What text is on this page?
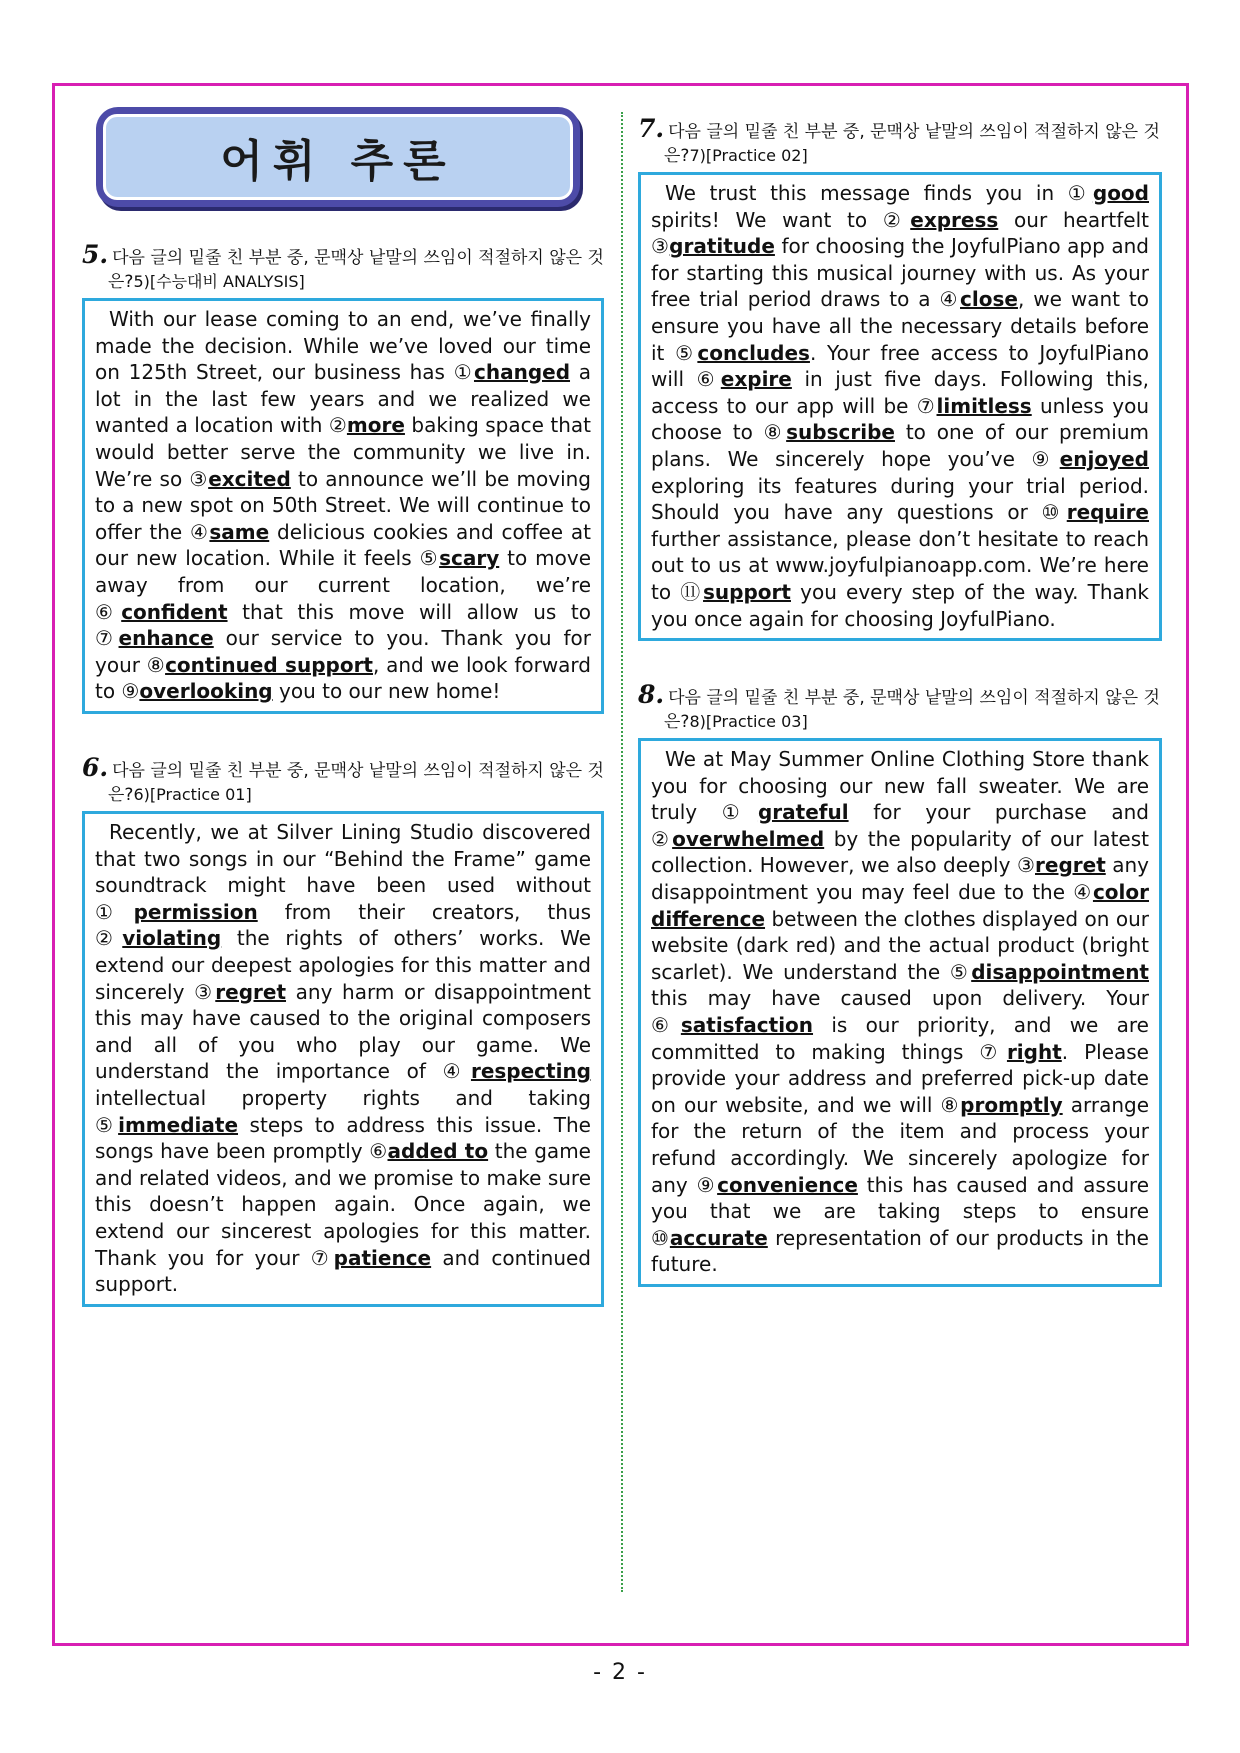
어휘 추론
5. 다음 글의 밑줄 친 부분 중, 문맥상 낱말의 쓰임이 적절하지 않은 것은?5)[수능대비 ANALYSIS]
With our lease coming to an end, we’ve finally made the decision. While we’ve loved our time on 125th Street, our business has ①changed a lot in the last few years and we realized we wanted a location with ②more baking space that would better serve the community we live in. We’re so ③excited to announce we’ll be moving to a new spot on 50th Street. We will continue to offer the ④same delicious cookies and coffee at our new location. While it feels ⑤scary to move away from our current location, we’re ⑥confident that this move will allow us to ⑦enhance our service to you. Thank you for your ⑧continued support, and we look forward to ⑨overlooking you to our new home!
6. 다음 글의 밑줄 친 부분 중, 문맥상 낱말의 쓰임이 적절하지 않은 것은?6)[Practice 01]
Recently, we at Silver Lining Studio discovered that two songs in our “Behind the Frame” game soundtrack might have been used without ①permission from their creators, thus ②violating the rights of others’ works. We extend our deepest apologies for this matter and sincerely ③regret any harm or disappointment this may have caused to the original composers and all of you who play our game. We understand the importance of ④respecting intellectual property rights and taking ⑤immediate steps to address this issue. The songs have been promptly ⑥added to the game and related videos, and we promise to make sure this doesn’t happen again. Once again, we extend our sincerest apologies for this matter. Thank you for your ⑦patience and continued support.
7. 다음 글의 밑줄 친 부분 중, 문맥상 낱말의 쓰임이 적절하지 않은 것은?7)[Practice 02]
We trust this message finds you in ①good spirits! We want to ②express our heartfelt ③gratitude for choosing the JoyfulPiano app and for starting this musical journey with us. As your free trial period draws to a ④close, we want to ensure you have all the necessary details before it ⑤concludes. Your free access to JoyfulPiano will ⑥expire in just five days. Following this, access to our app will be ⑦limitless unless you choose to ⑧subscribe to one of our premium plans. We sincerely hope you’ve ⑨enjoyed exploring its features during your trial period. Should you have any questions or ⑩require further assistance, please don’t hesitate to reach out to us at www.joyfulpianoapp.com. We’re here to ⑪support you every step of the way. Thank you once again for choosing JoyfulPiano.
8. 다음 글의 밑줄 친 부분 중, 문맥상 낱말의 쓰임이 적절하지 않은 것은?8)[Practice 03]
We at May Summer Online Clothing Store thank you for choosing our new fall sweater. We are truly ①grateful for your purchase and ②overwhelmed by the popularity of our latest collection. However, we also deeply ③regret any disappointment you may feel due to the ④color difference between the clothes displayed on our website (dark red) and the actual product (bright scarlet). We understand the ⑤disappointment this may have caused upon delivery. Your ⑥satisfaction is our priority, and we are committed to making things ⑦right. Please provide your address and preferred pick-up date on our website, and we will ⑧promptly arrange for the return of the item and process your refund accordingly. We sincerely apologize for any ⑨convenience this has caused and assure you that we are taking steps to ensure ⑩accurate representation of our products in the future.
- 2 -
